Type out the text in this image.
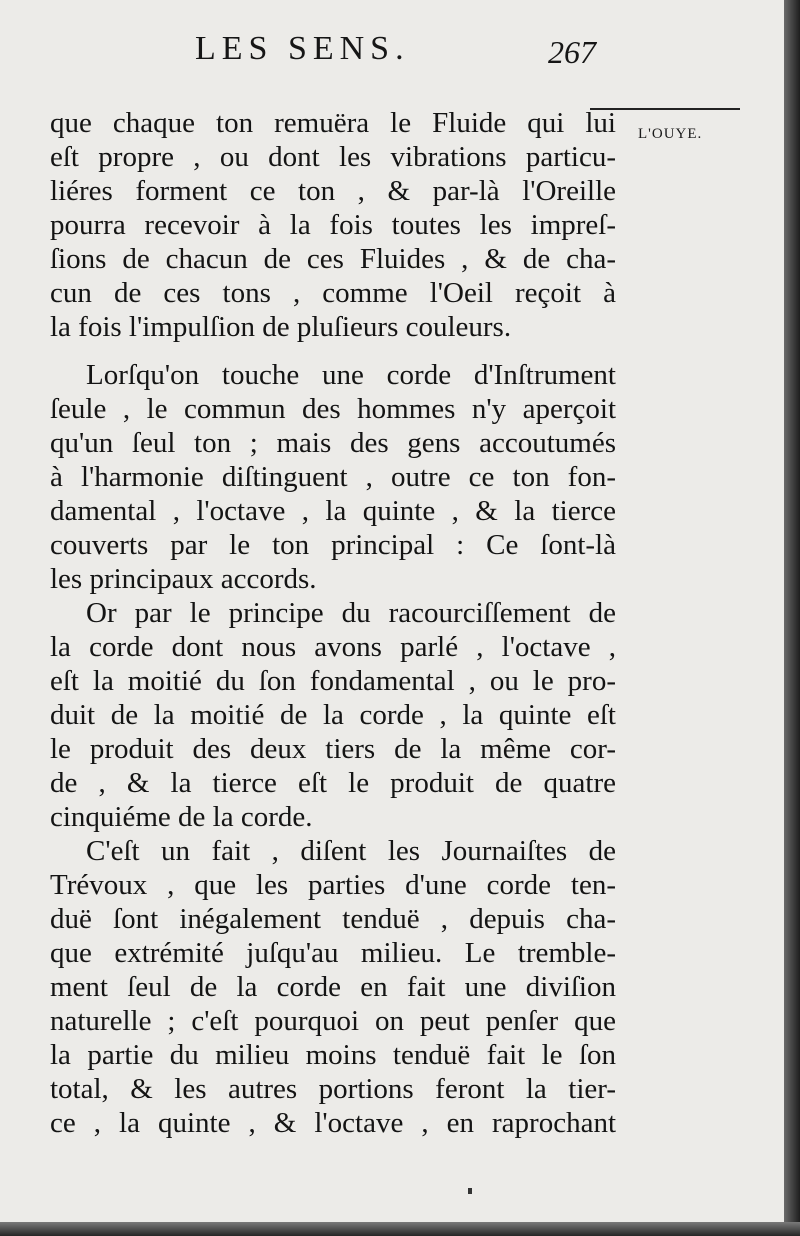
LES SENS.	267
L'OUYE.
que chaque ton remuëra le Fluide qui lui
eſt propre , ou dont les vibrations particu-
liéres forment ce ton , & par-là l'Oreille
pourra recevoir à la fois toutes les impreſ-
ſions de chacun de ces Fluides , & de cha-
cun de ces tons , comme l'Oeil reçoit à
la fois l'impulſion de pluſieurs couleurs.
Lorſqu'on touche une corde d'Inſtrument
ſeule , le commun des hommes n'y aperçoit
qu'un ſeul ton ; mais des gens accoutumés
à l'harmonie diſtinguent , outre ce ton fon-
damental , l'octave , la quinte , & la tierce
couverts par le ton principal : Ce ſont-là
les principaux accords.
Or par le principe du racourciſſement de
la corde dont nous avons parlé , l'octave ,
eſt la moitié du ſon fondamental , ou le pro-
duit de la moitié de la corde , la quinte eſt
le produit des deux tiers de la même cor-
de , & la tierce eſt le produit de quatre
cinquiéme de la corde.
C'eſt un fait , diſent les Journaiſtes de
Trévoux , que les parties d'une corde ten-
duë ſont inégalement tenduë , depuis cha-
que extrémité juſqu'au milieu. Le tremble-
ment ſeul de la corde en fait une diviſion
naturelle ; c'eſt pourquoi on peut penſer que
la partie du milieu moins tenduë fait le ſon
total, & les autres portions feront la tier-
ce , la quinte , & l'octave , en raprochant
